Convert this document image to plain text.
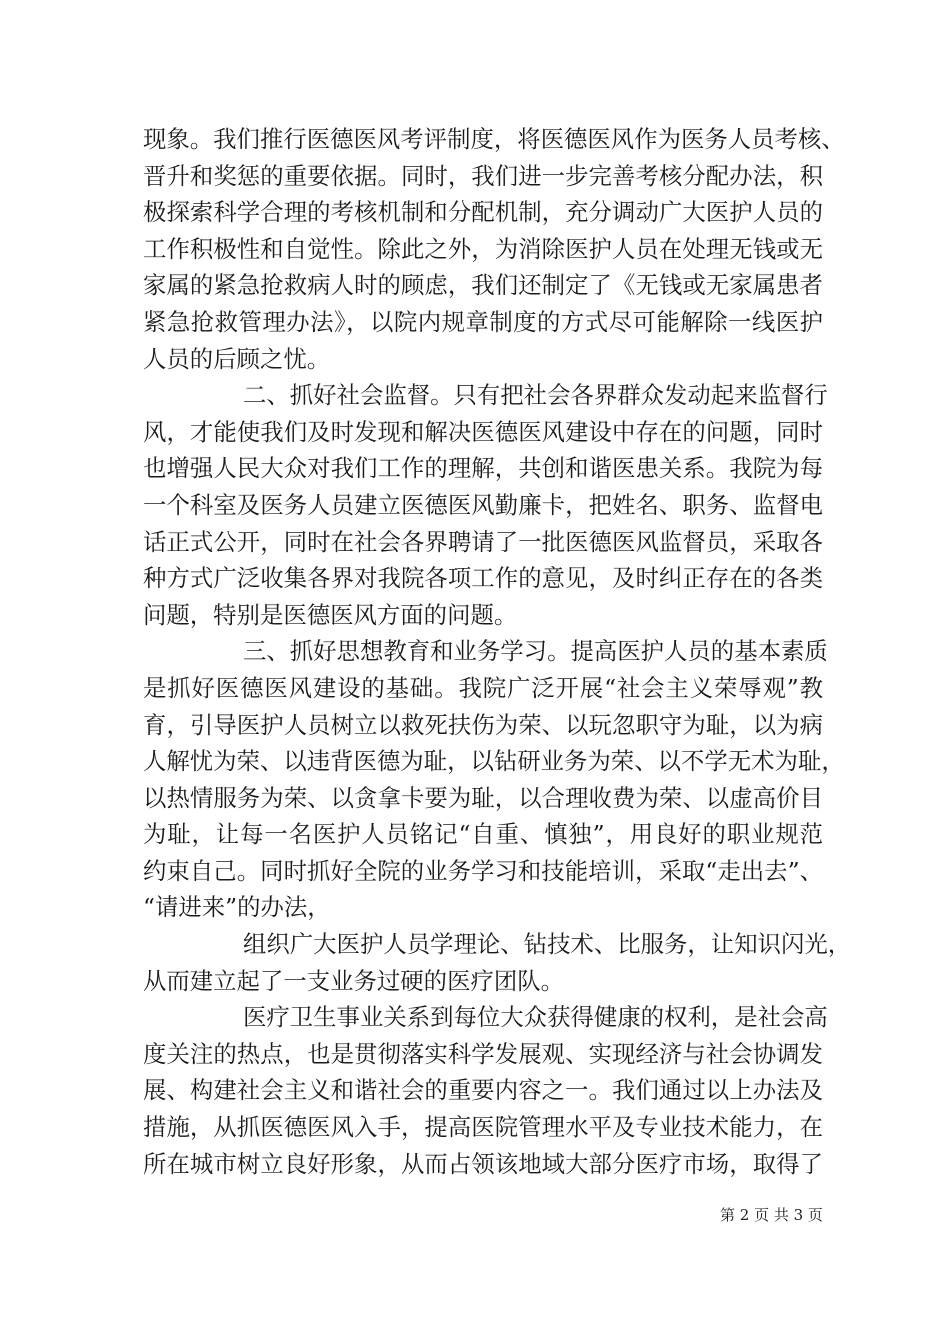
现象。我们推行医德医风考评制度，将医德医风作为医务人员考核、
晋升和奖惩的重要依据。同时，我们进一步完善考核分配办法，积
极探索科学合理的考核机制和分配机制，充分调动广大医护人员的
工作积极性和自觉性。除此之外，为消除医护人员在处理无钱或无
家属的紧急抢救病人时的顾虑，我们还制定了《无钱或无家属患者
紧急抢救管理办法》，以院内规章制度的方式尽可能解除一线医护
人员的后顾之忧。
二、抓好社会监督。只有把社会各界群众发动起来监督行
风，才能使我们及时发现和解决医德医风建设中存在的问题，同时
也增强人民大众对我们工作的理解，共创和谐医患关系。我院为每
一个科室及医务人员建立医德医风勤廉卡，把姓名、职务、监督电
话正式公开，同时在社会各界聘请了一批医德医风监督员，采取各
种方式广泛收集各界对我院各项工作的意见，及时纠正存在的各类
问题，特别是医德医风方面的问题。
三、抓好思想教育和业务学习。提高医护人员的基本素质
是抓好医德医风建设的基础。我院广泛开展“社会主义荣辱观”教
育，引导医护人员树立以救死扶伤为荣、以玩忽职守为耻，以为病
人解忧为荣、以违背医德为耻，以钻研业务为荣、以不学无术为耻，
以热情服务为荣、以贪拿卡要为耻，以合理收费为荣、以虚高价目
为耻，让每一名医护人员铭记“自重、慎独”，用良好的职业规范
约束自己。同时抓好全院的业务学习和技能培训，采取“走出去”、
“请进来”的办法，
组织广大医护人员学理论、钻技术、比服务，让知识闪光，
从而建立起了一支业务过硬的医疗团队。
医疗卫生事业关系到每位大众获得健康的权利，是社会高
度关注的热点，也是贯彻落实科学发展观、实现经济与社会协调发
展、构建社会主义和谐社会的重要内容之一。我们通过以上办法及
措施，从抓医德医风入手，提高医院管理水平及专业技术能力，在
所在城市树立良好形象，从而占领该地域大部分医疗市场，取得了
第 2 页 共 3 页
